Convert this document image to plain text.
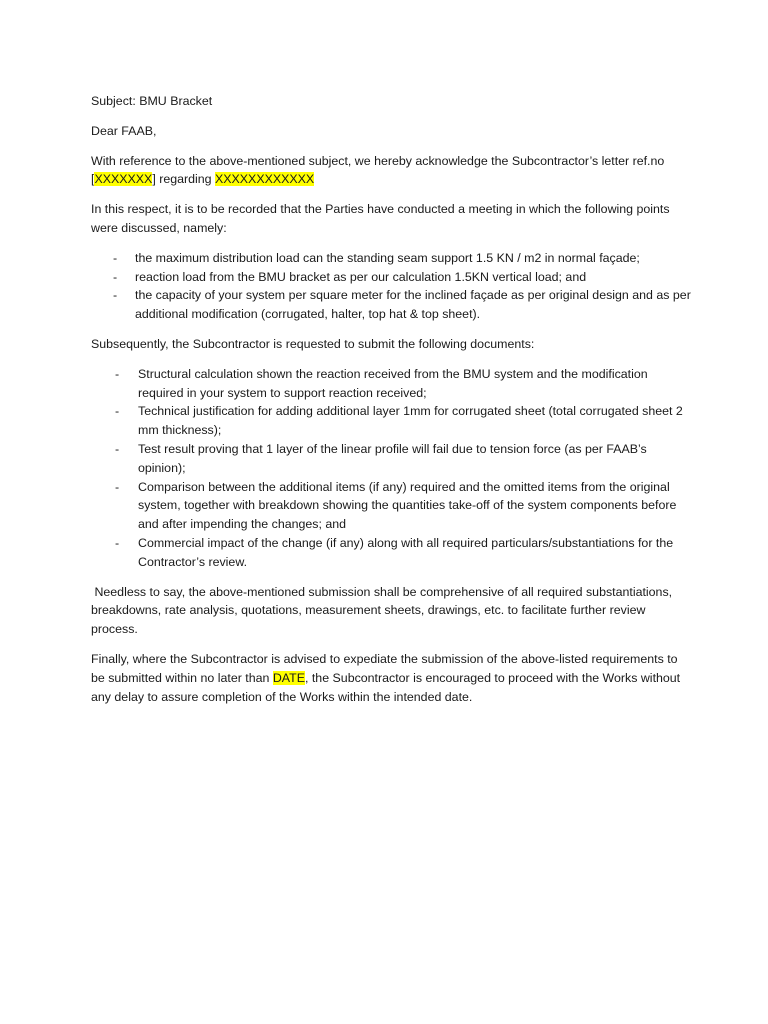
Subject: BMU Bracket

Dear FAAB,

With reference to the above-mentioned subject, we hereby acknowledge the Subcontractor’s letter ref.no [XXXXXXX] regarding XXXXXXXXXXXX

In this respect, it is to be recorded that the Parties have conducted a meeting in which the following points were discussed, namely:

- the maximum distribution load can the standing seam support 1.5 KN / m2 in normal façade;
- reaction load from the BMU bracket as per our calculation 1.5KN vertical load; and
- the capacity of your system per square meter for the inclined façade as per original design and as per additional modification (corrugated, halter, top hat & top sheet).

Subsequently, the Subcontractor is requested to submit the following documents:

- Structural calculation shown the reaction received from the BMU system and the modification required in your system to support reaction received;
- Technical justification for adding additional layer 1mm for corrugated sheet (total corrugated sheet 2 mm thickness);
- Test result proving that 1 layer of the linear profile will fail due to tension force (as per FAAB’s opinion);
- Comparison between the additional items (if any) required and the omitted items from the original system, together with breakdown showing the quantities take-off of the system components before and after impending the changes; and
- Commercial impact of the change (if any) along with all required particulars/substantiations for the Contractor’s review.

Needless to say, the above-mentioned submission shall be comprehensive of all required substantiations, breakdowns, rate analysis, quotations, measurement sheets, drawings, etc. to facilitate further review process.

Finally, where the Subcontractor is advised to expediate the submission of the above-listed requirements to be submitted within no later than DATE, the Subcontractor is encouraged to proceed with the Works without any delay to assure completion of the Works within the intended date.
